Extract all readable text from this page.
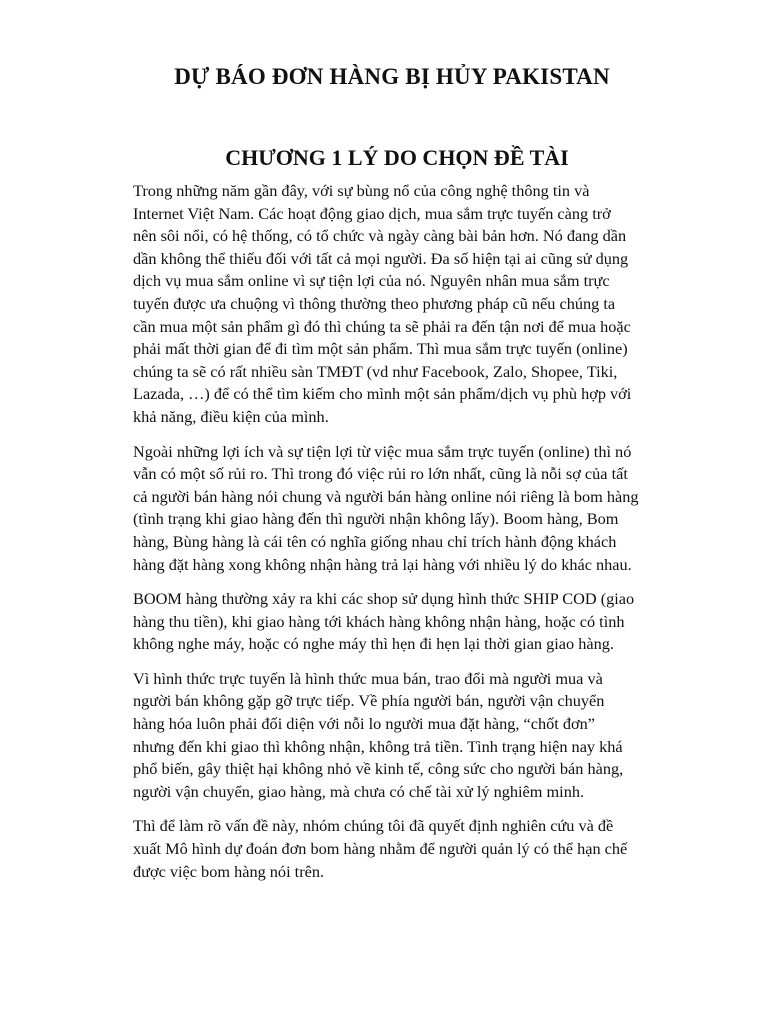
DỰ BÁO ĐƠN HÀNG BỊ HỦY PAKISTAN
CHƯƠNG 1 LÝ DO CHỌN ĐỀ TÀI

Trong những năm gần đây, với sự bùng nổ của công nghệ thông tin và
Internet Việt Nam. Các hoạt động giao dịch, mua sắm trực tuyến càng trở
nên sôi nổi, có hệ thống, có tổ chức và ngày càng bài bản hơn. Nó đang dần
dần không thể thiếu đối với tất cả mọi người. Đa số hiện tại ai cũng sử dụng
dịch vụ mua sắm online vì sự tiện lợi của nó. Nguyên nhân mua sắm trực
tuyến được ưa chuộng vì thông thường theo phương pháp cũ nếu chúng ta
cần mua một sản phẩm gì đó thì chúng ta sẽ phải ra đến tận nơi để mua hoặc
phải mất thời gian để đi tìm một sản phẩm. Thì mua sắm trực tuyến (online)
chúng ta sẽ có rất nhiều sàn TMĐT (vd như Facebook, Zalo, Shopee, Tiki,
Lazada, …) để có thể tìm kiếm cho mình một sản phẩm/dịch vụ phù hợp với
khả năng, điều kiện của mình.

Ngoài những lợi ích và sự tiện lợi từ việc mua sắm trực tuyến (online) thì nó
vẫn có một số rủi ro. Thì trong đó việc rủi ro lớn nhất, cũng là nỗi sợ của tất
cả người bán hàng nói chung và người bán hàng online nói riêng là bom hàng
(tình trạng khi giao hàng đến thì người nhận không lấy). Boom hàng, Bom
hàng, Bùng hàng là cái tên có nghĩa giống nhau chỉ trích hành động khách
hàng đặt hàng xong không nhận hàng trả lại hàng với nhiều lý do khác nhau.

BOOM hàng thường xảy ra khi các shop sử dụng hình thức SHIP COD (giao
hàng thu tiền), khi giao hàng tới khách hàng không nhận hàng, hoặc có tình
không nghe máy, hoặc có nghe máy thì hẹn đi hẹn lại thời gian giao hàng.

Vì hình thức trực tuyến là hình thức mua bán, trao đổi mà người mua và
người bán không gặp gỡ trực tiếp. Về phía người bán, người vận chuyển
hàng hóa luôn phải đối diện với nỗi lo người mua đặt hàng, “chốt đơn”
nhưng đến khi giao thì không nhận, không trả tiền. Tình trạng hiện nay khá
phổ biến, gây thiệt hại không nhỏ về kinh tế, công sức cho người bán hàng,
người vận chuyển, giao hàng, mà chưa có chế tài xử lý nghiêm minh.

Thì để làm rõ vấn đề này, nhóm chúng tôi đã quyết định nghiên cứu và đề
xuất Mô hình dự đoán đơn bom hàng nhằm để người quản lý có thể hạn chế
được việc bom hàng nói trên.
